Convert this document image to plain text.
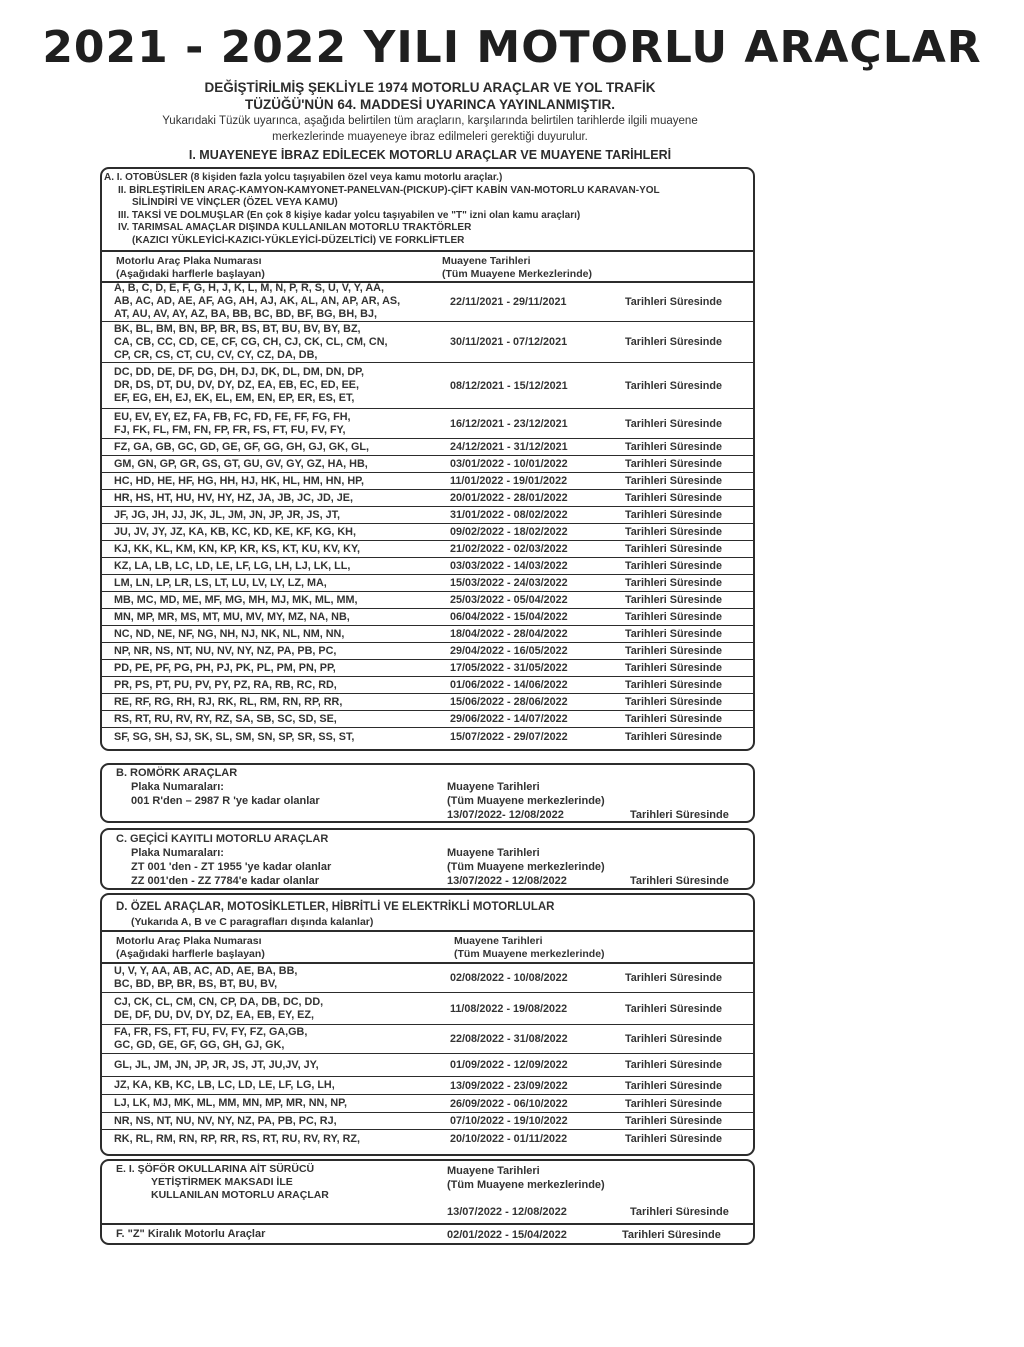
2021 - 2022 YILI MOTORLU ARAÇLAR
DEĞİŞTİRİLMİŞ ŞEKLİYLE 1974 MOTORLU ARAÇLAR VE YOL TRAFİK
TÜZÜĞÜ'NÜN 64. MADDESİ UYARINCA YAYINLANMIŞTIR.
Yukarıdaki Tüzük uyarınca, aşağıda belirtilen tüm araçların, karşılarında belirtilen tarihlerde ilgili muayene
merkezlerinde muayeneye ibraz edilmeleri gerektiği duyurulur.
I. MUAYENEYE İBRAZ EDİLECEK MOTORLU ARAÇLAR VE MUAYENE TARİHLERİ
A. I. OTOBÜSLER (8 kişiden fazla yolcu taşıyabilen özel veya kamu motorlu araçlar.)
II. BİRLEŞTİRİLEN ARAÇ-KAMYON-KAMYONET-PANELVAN-(PICKUP)-ÇİFT KABİN VAN-MOTORLU KARAVAN-YOL
SİLİNDİRİ VE VİNÇLER (ÖZEL VEYA KAMU)
III. TAKSİ VE DOLMUŞLAR (En çok 8 kişiye kadar yolcu taşıyabilen ve "T" izni olan kamu araçları)
IV. TARIMSAL AMAÇLAR DIŞINDA KULLANILAN MOTORLU TRAKTÖRLER
(KAZICI YÜKLEYİCİ-KAZICI-YÜKLEYİCİ-DÜZELTİCİ) VE FORKLİFTLER
Motorlu Araç Plaka Numarası
(Aşağıdaki harflerle başlayan)
Muayene Tarihleri
(Tüm Muayene Merkezlerinde)
A, B, C, D, E, F, G, H, J, K, L, M, N, P, R, S, U, V, Y, AA,
AB, AC, AD, AE, AF, AG, AH, AJ, AK, AL, AN, AP, AR, AS,
AT, AU, AV, AY, AZ, BA, BB, BC, BD, BF, BG, BH, BJ,
22/11/2021 - 29/11/2021	Tarihleri Süresinde
BK, BL, BM, BN, BP, BR, BS, BT, BU, BV, BY, BZ,
CA, CB, CC, CD, CE, CF, CG, CH, CJ, CK, CL, CM, CN,
CP, CR, CS, CT, CU, CV, CY, CZ, DA, DB,
30/11/2021 - 07/12/2021	Tarihleri Süresinde
DC, DD, DE, DF, DG, DH, DJ, DK, DL, DM, DN, DP,
DR, DS, DT, DU, DV, DY, DZ, EA, EB, EC, ED, EE,
EF, EG, EH, EJ, EK, EL, EM, EN, EP, ER, ES, ET,
08/12/2021 - 15/12/2021	Tarihleri Süresinde
EU, EV, EY, EZ, FA, FB, FC, FD, FE, FF, FG, FH,
FJ, FK, FL, FM, FN, FP, FR, FS, FT, FU, FV, FY,	16/12/2021 - 23/12/2021	Tarihleri Süresinde
FZ, GA, GB, GC, GD, GE, GF, GG, GH, GJ, GK, GL,	24/12/2021 - 31/12/2021	Tarihleri Süresinde
GM, GN, GP, GR, GS, GT, GU, GV, GY, GZ, HA, HB,	03/01/2022 - 10/01/2022	Tarihleri Süresinde
HC, HD, HE, HF, HG, HH, HJ, HK, HL, HM, HN, HP,	11/01/2022 - 19/01/2022	Tarihleri Süresinde
HR, HS, HT, HU, HV, HY, HZ, JA, JB, JC, JD, JE,	20/01/2022 - 28/01/2022	Tarihleri Süresinde
JF, JG, JH, JJ, JK, JL, JM, JN, JP, JR, JS, JT,	31/01/2022 - 08/02/2022	Tarihleri Süresinde
JU, JV, JY, JZ, KA, KB, KC, KD, KE, KF, KG, KH,	09/02/2022 - 18/02/2022	Tarihleri Süresinde
KJ, KK, KL, KM, KN, KP, KR, KS, KT, KU, KV, KY,	21/02/2022 - 02/03/2022	Tarihleri Süresinde
KZ, LA, LB, LC, LD, LE, LF, LG, LH, LJ, LK, LL,	03/03/2022 - 14/03/2022	Tarihleri Süresinde
LM, LN, LP, LR, LS, LT, LU, LV, LY, LZ, MA,	15/03/2022 - 24/03/2022	Tarihleri Süresinde
MB, MC, MD, ME, MF, MG, MH, MJ, MK, ML, MM,	25/03/2022 - 05/04/2022	Tarihleri Süresinde
MN, MP, MR, MS, MT, MU, MV, MY, MZ, NA, NB,	06/04/2022 - 15/04/2022	Tarihleri Süresinde
NC, ND, NE, NF, NG, NH, NJ, NK, NL, NM, NN,	18/04/2022 - 28/04/2022	Tarihleri Süresinde
NP, NR, NS, NT, NU, NV, NY, NZ, PA, PB, PC,	29/04/2022 - 16/05/2022	Tarihleri Süresinde
PD, PE, PF, PG, PH, PJ, PK, PL, PM, PN, PP,	17/05/2022 - 31/05/2022	Tarihleri Süresinde
PR, PS, PT, PU, PV, PY, PZ, RA, RB, RC, RD,	01/06/2022 - 14/06/2022	Tarihleri Süresinde
RE, RF, RG, RH, RJ, RK, RL, RM, RN, RP, RR,	15/06/2022 - 28/06/2022	Tarihleri Süresinde
RS, RT, RU, RV, RY, RZ, SA, SB, SC, SD, SE,	29/06/2022 - 14/07/2022	Tarihleri Süresinde
SF, SG, SH, SJ, SK, SL, SM, SN, SP, SR, SS, ST,	15/07/2022 - 29/07/2022	Tarihleri Süresinde
B. ROMÖRK ARAÇLAR
Plaka Numaraları:
001 R'den – 2987 R 'ye kadar olanlar
Muayene Tarihleri
(Tüm Muayene merkezlerinde)
13/07/2022- 12/08/2022	Tarihleri Süresinde
C. GEÇİCİ KAYITLI MOTORLU ARAÇLAR
Plaka Numaraları:
ZT 001 'den - ZT 1955 'ye kadar olanlar
ZZ 001'den - ZZ 7784'e kadar olanlar
Muayene Tarihleri
(Tüm Muayene merkezlerinde)
13/07/2022 - 12/08/2022	Tarihleri Süresinde
D. ÖZEL ARAÇLAR, MOTOSİKLETLER, HİBRİTLİ VE ELEKTRİKLİ MOTORLULAR
(Yukarıda A, B ve C paragrafları dışında kalanlar)
Motorlu Araç Plaka Numarası
(Aşağıdaki harflerle başlayan)
Muayene Tarihleri
(Tüm Muayene merkezlerinde)
U, V, Y, AA, AB, AC, AD, AE, BA, BB,
BC, BD, BP, BR, BS, BT, BU, BV,	02/08/2022 - 10/08/2022	Tarihleri Süresinde
CJ, CK, CL, CM, CN, CP, DA, DB, DC, DD,
DE, DF, DU, DV, DY, DZ, EA, EB, EY, EZ,	11/08/2022 - 19/08/2022	Tarihleri Süresinde
FA, FR, FS, FT, FU, FV, FY, FZ, GA,GB,
GC, GD, GE, GF, GG, GH, GJ, GK,	22/08/2022 - 31/08/2022	Tarihleri Süresinde
GL, JL, JM, JN, JP, JR, JS, JT, JU,JV, JY,	01/09/2022 - 12/09/2022	Tarihleri Süresinde
JZ, KA, KB, KC, LB, LC, LD, LE, LF, LG, LH,	13/09/2022 - 23/09/2022	Tarihleri Süresinde
LJ, LK, MJ, MK, ML, MM, MN, MP, MR, NN, NP,	26/09/2022 - 06/10/2022	Tarihleri Süresinde
NR, NS, NT, NU, NV, NY, NZ, PA, PB, PC, RJ,	07/10/2022 - 19/10/2022	Tarihleri Süresinde
RK, RL, RM, RN, RP, RR, RS, RT, RU, RV, RY, RZ,	20/10/2022 - 01/11/2022	Tarihleri Süresinde
E. I. ŞÖFÖR OKULLARINA AİT SÜRÜCÜ
YETİŞTİRMEK MAKSADI İLE
KULLANILAN MOTORLU ARAÇLAR
Muayene Tarihleri
(Tüm Muayene merkezlerinde)
13/07/2022 - 12/08/2022	Tarihleri Süresinde
F. "Z" Kiralık Motorlu Araçlar	02/01/2022 - 15/04/2022	Tarihleri Süresinde
